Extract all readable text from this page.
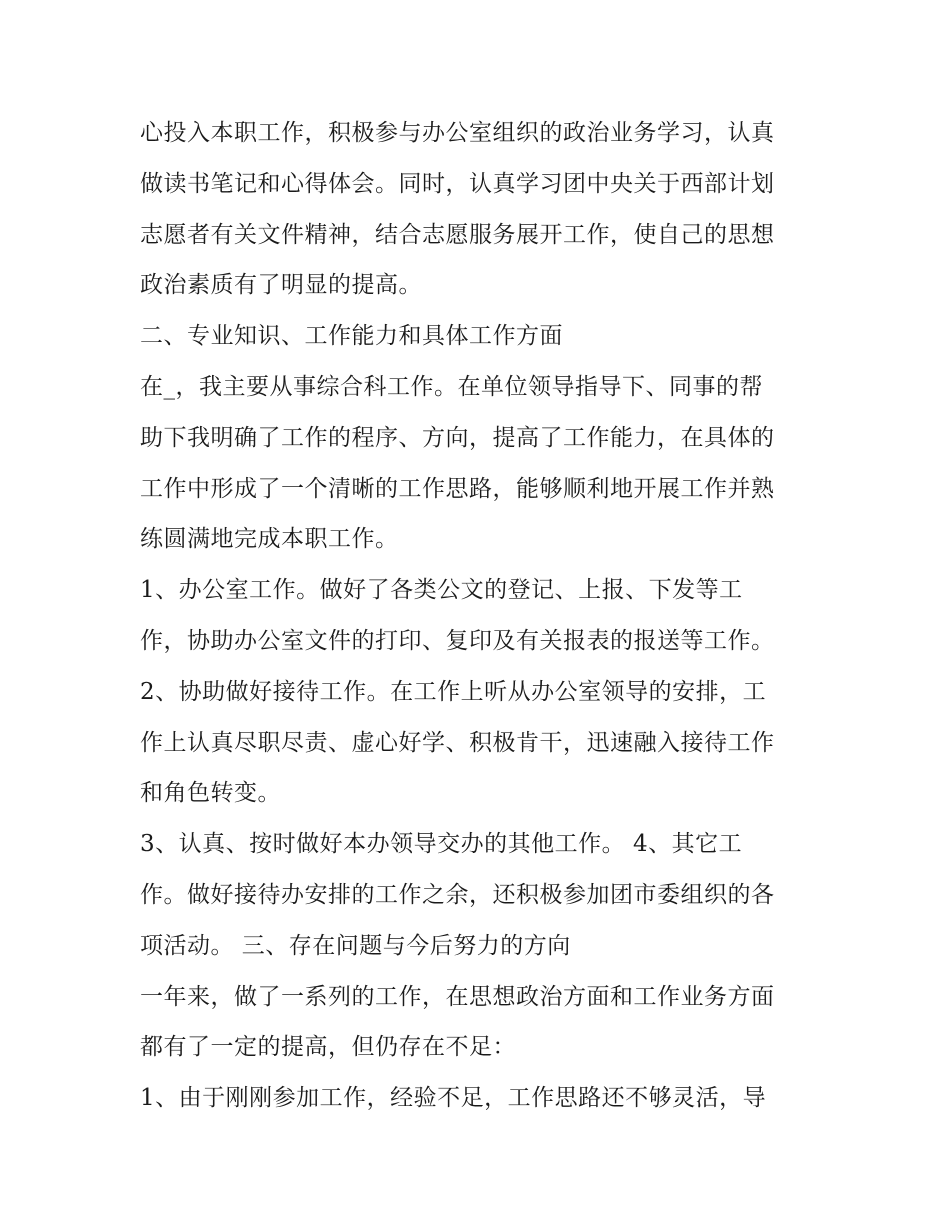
心投入本职工作，积极参与办公室组织的政治业务学习，认真
做读书笔记和心得体会。同时，认真学习团中央关于西部计划
志愿者有关文件精神，结合志愿服务展开工作，使自己的思想
政治素质有了明显的提高。
二、专业知识、工作能力和具体工作方面
在_，我主要从事综合科工作。在单位领导指导下、同事的帮
助下我明确了工作的程序、方向，提高了工作能力，在具体的
工作中形成了一个清晰的工作思路，能够顺利地开展工作并熟
练圆满地完成本职工作。
1、办公室工作。做好了各类公文的登记、上报、下发等工
作，协助办公室文件的打印、复印及有关报表的报送等工作。
2、协助做好接待工作。在工作上听从办公室领导的安排，工
作上认真尽职尽责、虚心好学、积极肯干，迅速融入接待工作
和角色转变。
3、认真、按时做好本办领导交办的其他工作。 4、其它工
作。做好接待办安排的工作之余，还积极参加团市委组织的各
项活动。 三、存在问题与今后努力的方向
一年来，做了一系列的工作，在思想政治方面和工作业务方面
都有了一定的提高，但仍存在不足：
1、由于刚刚参加工作，经验不足，工作思路还不够灵活，导
